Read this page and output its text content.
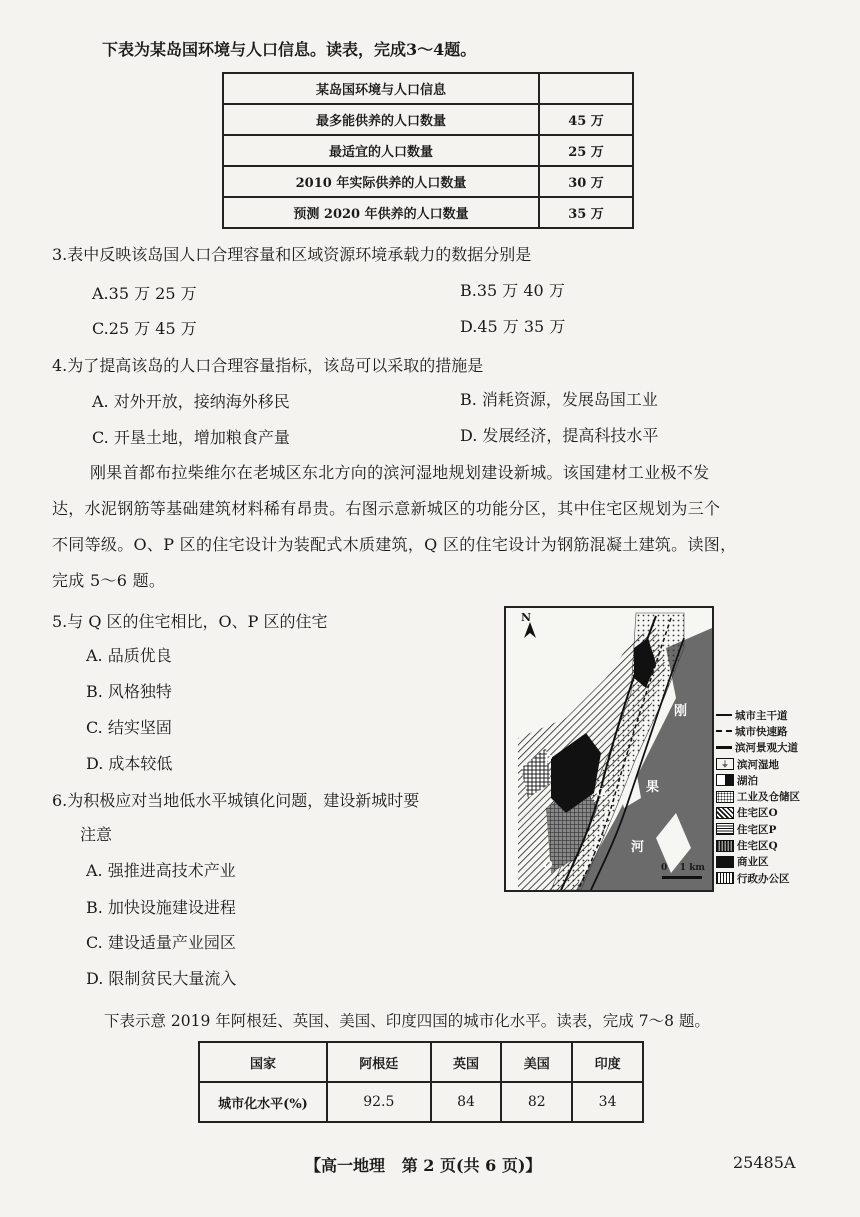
下表为某岛国环境与人口信息。读表，完成3～4题。
某岛国环境与人口信息	
最多能供养的人口数量	45 万
最适宜的人口数量	25 万
2010 年实际供养的人口数量	30 万
预测 2020 年供养的人口数量	35 万
3.表中反映该岛国人口合理容量和区域资源环境承载力的数据分别是
A.35 万 25 万	B.35 万 40 万
C.25 万 45 万	D.45 万 35 万
4.为了提高该岛的人口合理容量指标，该岛可以采取的措施是
A. 对外开放，接纳海外移民	B. 消耗资源，发展岛国工业
C. 开垦土地，增加粮食产量	D. 发展经济，提高科技水平
刚果首都布拉柴维尔在老城区东北方向的滨河湿地规划建设新城。该国建材工业极不发
达，水泥钢筋等基础建筑材料稀有昂贵。右图示意新城区的功能分区，其中住宅区规划为三个
不同等级。O、P 区的住宅设计为装配式木质建筑，Q 区的住宅设计为钢筋混凝土建筑。读图，
完成 5～6 题。
5.与 Q 区的住宅相比，O、P 区的住宅
A. 品质优良
B. 风格独特
C. 结实坚固
D. 成本较低
6.为积极应对当地低水平城镇化问题，建设新城时要
注意
A. 强推进高技术产业
B. 加快设施建设进程
C. 建设适量产业园区
D. 限制贫民大量流入
N
P
Q
O
刚
果
河
0    1 km
城市主干道
城市快速路
滨河景观大道
⏚ 滨河湿地
湖泊
工业及仓储区
住宅区O
住宅区P
住宅区Q
商业区
行政办公区
下表示意 2019 年阿根廷、英国、美国、印度四国的城市化水平。读表，完成 7～8 题。
国家	阿根廷	英国	美国	印度
城市化水平(%)	92.5	84	82	34
【高一地理   第 2 页(共 6 页)】	25485A
